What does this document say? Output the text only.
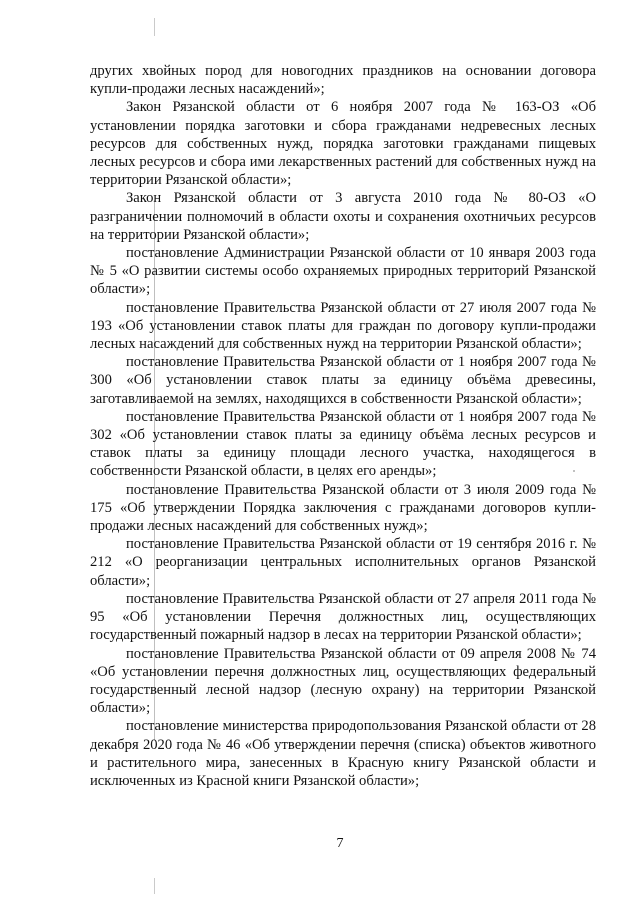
других хвойных пород для новогодних праздников на основании договора купли-продажи лесных насаждений»;

Закон Рязанской области от 6 ноября 2007 года № 163-ОЗ «Об установлении порядка заготовки и сбора гражданами недревесных лесных ресурсов для собственных нужд, порядка заготовки гражданами пищевых лесных ресурсов и сбора ими лекарственных растений для собственных нужд на территории Рязанской области»;

Закон Рязанской области от 3 августа 2010 года № 80-ОЗ «О разграничении полномочий в области охоты и сохранения охотничьих ресурсов на территории Рязанской области»;

постановление Администрации Рязанской области от 10 января 2003 года № 5 «О развитии системы особо охраняемых природных территорий Рязанской области»;

постановление Правительства Рязанской области от 27 июля 2007 года № 193 «Об установлении ставок платы для граждан по договору купли-продажи лесных насаждений для собственных нужд на территории Рязанской области»;

постановление Правительства Рязанской области от 1 ноября 2007 года № 300 «Об установлении ставок платы за единицу объёма древесины, заготавливаемой на землях, находящихся в собственности Рязанской области»;

постановление Правительства Рязанской области от 1 ноября 2007 года № 302 «Об установлении ставок платы за единицу объёма лесных ресурсов и ставок платы за единицу площади лесного участка, находящегося в собственности Рязанской области, в целях его аренды»;

постановление Правительства Рязанской области от 3 июля 2009 года № 175 «Об утверждении Порядка заключения с гражданами договоров купли-продажи лесных насаждений для собственных нужд»;

постановление Правительства Рязанской области от 19 сентября 2016 г. № 212 «О реорганизации центральных исполнительных органов Рязанской области»;

постановление Правительства Рязанской области от 27 апреля 2011 года № 95 «Об установлении Перечня должностных лиц, осуществляющих государственный пожарный надзор в лесах на территории Рязанской области»;

постановление Правительства Рязанской области от 09 апреля 2008 № 74 «Об установлении перечня должностных лиц, осуществляющих федеральный государственный лесной надзор (лесную охрану) на территории Рязанской области»;

постановление министерства природопользования Рязанской области от 28 декабря 2020 года № 46 «Об утверждении перечня (списка) объектов животного и растительного мира, занесенных в Красную книгу Рязанской области и исключенных из Красной книги Рязанской области»;

7
